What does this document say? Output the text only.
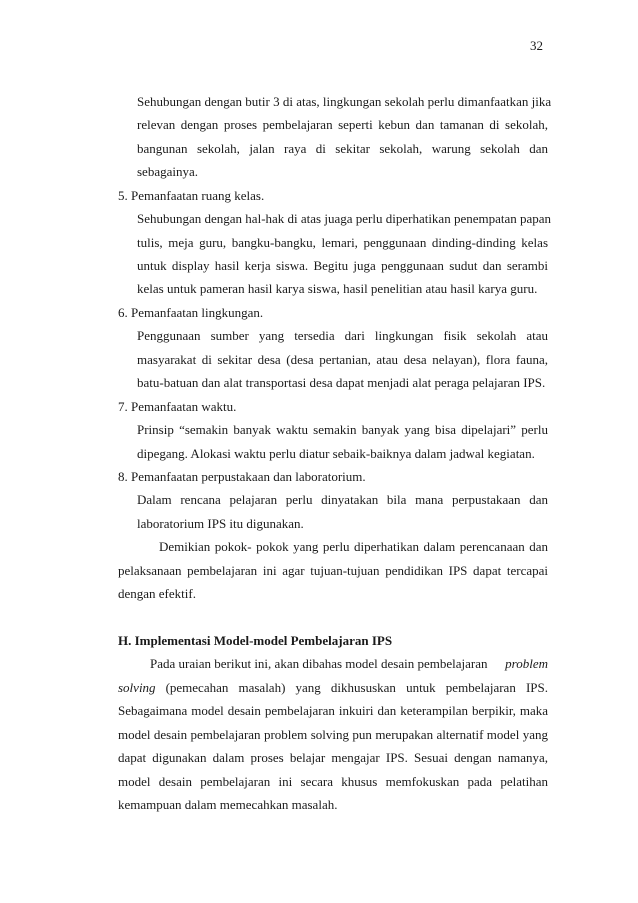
32
Sehubungan dengan butir 3 di atas, lingkungan sekolah perlu dimanfaatkan jika
relevan dengan proses pembelajaran seperti kebun dan tamanan di sekolah,
bangunan sekolah, jalan raya di sekitar sekolah, warung sekolah dan
sebagainya.
5. Pemanfaatan ruang kelas.
Sehubungan dengan hal-hak di atas juaga perlu diperhatikan penempatan papan
tulis, meja guru, bangku-bangku, lemari, penggunaan dinding-dinding kelas
untuk display hasil kerja siswa. Begitu juga penggunaan sudut dan serambi
kelas untuk pameran hasil karya siswa, hasil penelitian atau hasil karya guru.
6. Pemanfaatan lingkungan.
Penggunaan sumber yang tersedia dari lingkungan fisik sekolah atau
masyarakat di sekitar desa (desa pertanian, atau desa nelayan), flora fauna,
batu-batuan dan alat transportasi desa dapat menjadi alat peraga pelajaran IPS.
7. Pemanfaatan waktu.
Prinsip “semakin banyak waktu semakin banyak yang bisa dipelajari” perlu
dipegang. Alokasi waktu perlu diatur sebaik-baiknya dalam jadwal kegiatan.
8. Pemanfaatan perpustakaan dan laboratorium.
Dalam rencana pelajaran perlu dinyatakan bila mana perpustakaan dan
laboratorium IPS itu digunakan.
Demikian pokok- pokok yang perlu diperhatikan dalam perencanaan dan
pelaksanaan pembelajaran ini agar tujuan-tujuan pendidikan IPS dapat tercapai
dengan efektif.
H. Implementasi Model-model Pembelajaran IPS
Pada uraian berikut ini, akan dibahas model desain pembelajaran problem
solving (pemecahan masalah) yang dikhususkan untuk pembelajaran IPS.
Sebagaimana model desain pembelajaran inkuiri dan keterampilan berpikir, maka
model desain pembelajaran problem solving pun merupakan alternatif model yang
dapat digunakan dalam proses belajar mengajar IPS. Sesuai dengan namanya,
model desain pembelajaran ini secara khusus memfokuskan pada pelatihan
kemampuan dalam memecahkan masalah.
